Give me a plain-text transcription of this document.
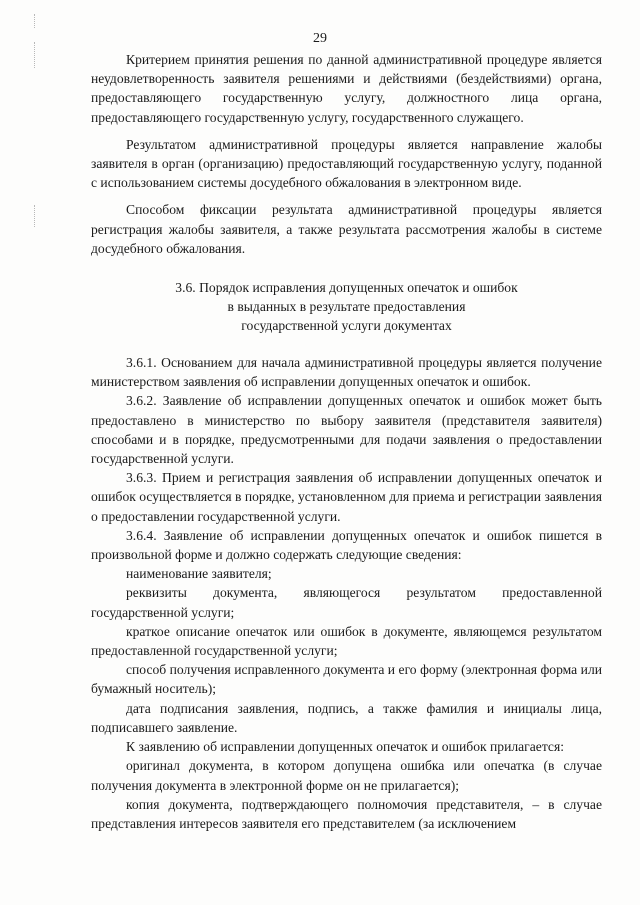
29

Критерием принятия решения по данной административной процедуре является неудовлетворенность заявителя решениями и действиями (бездействиями) органа, предоставляющего государственную услугу, должностного лица органа, предоставляющего государственную услугу, государственного служащего.

Результатом административной процедуры является направление жалобы заявителя в орган (организацию) предоставляющий государственную услугу, поданной с использованием системы досудебного обжалования в электронном виде.

Способом фиксации результата административной процедуры является регистрация жалобы заявителя, а также результата рассмотрения жалобы в системе досудебного обжалования.

3.6. Порядок исправления допущенных опечаток и ошибок
в выданных в результате предоставления
государственной услуги документах

3.6.1. Основанием для начала административной процедуры является получение министерством заявления об исправлении допущенных опечаток и ошибок.

3.6.2. Заявление об исправлении допущенных опечаток и ошибок может быть предоставлено в министерство по выбору заявителя (представителя заявителя) способами и в порядке, предусмотренными для подачи заявления о предоставлении государственной услуги.

3.6.3. Прием и регистрация заявления об исправлении допущенных опечаток и ошибок осуществляется в порядке, установленном для приема и регистрации заявления о предоставлении государственной услуги.

3.6.4. Заявление об исправлении допущенных опечаток и ошибок пишется в произвольной форме и должно содержать следующие сведения:

наименование заявителя;

реквизиты документа, являющегося результатом предоставленной государственной услуги;

краткое описание опечаток или ошибок в документе, являющемся результатом предоставленной государственной услуги;

способ получения исправленного документа и его форму (электронная форма или бумажный носитель);

дата подписания заявления, подпись, а также фамилия и инициалы лица, подписавшего заявление.

К заявлению об исправлении допущенных опечаток и ошибок прилагается:

оригинал документа, в котором допущена ошибка или опечатка (в случае получения документа в электронной форме он не прилагается);

копия документа, подтверждающего полномочия представителя, – в случае представления интересов заявителя его представителем (за исключением
